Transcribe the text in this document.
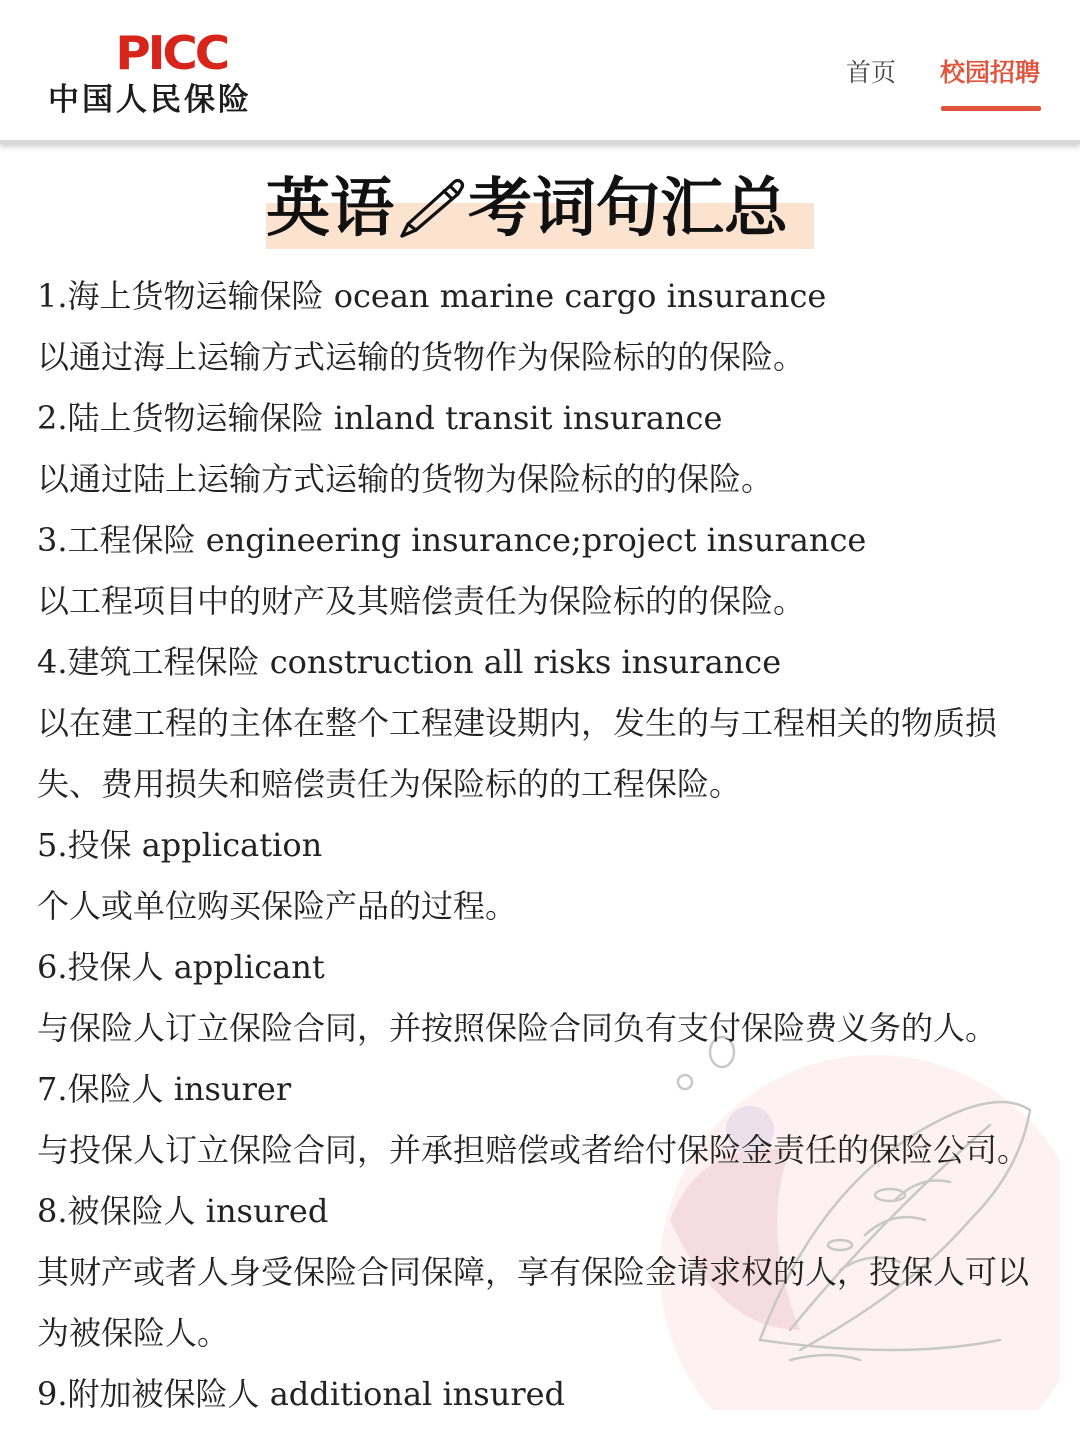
PICC
中国人民保险
首页 校园招聘
英语 考词句汇总
1.海上货物运输保险 ocean marine cargo insurance
以通过海上运输方式运输的货物作为保险标的的保险。
2.陆上货物运输保险 inland transit insurance
以通过陆上运输方式运输的货物为保险标的的保险。
3.工程保险 engineering insurance;project insurance
以工程项目中的财产及其赔偿责任为保险标的的保险。
4.建筑工程保险 construction all risks insurance
以在建工程的主体在整个工程建设期内，发生的与工程相关的物质损
失、费用损失和赔偿责任为保险标的的工程保险。
5.投保 application
个人或单位购买保险产品的过程。
6.投保人 applicant
与保险人订立保险合同，并按照保险合同负有支付保险费义务的人。
7.保险人 insurer
与投保人订立保险合同，并承担赔偿或者给付保险金责任的保险公司。
8.被保险人 insured
其财产或者人身受保险合同保障，享有保险金请求权的人，投保人可以
为被保险人。
9.附加被保险人 additional insured
